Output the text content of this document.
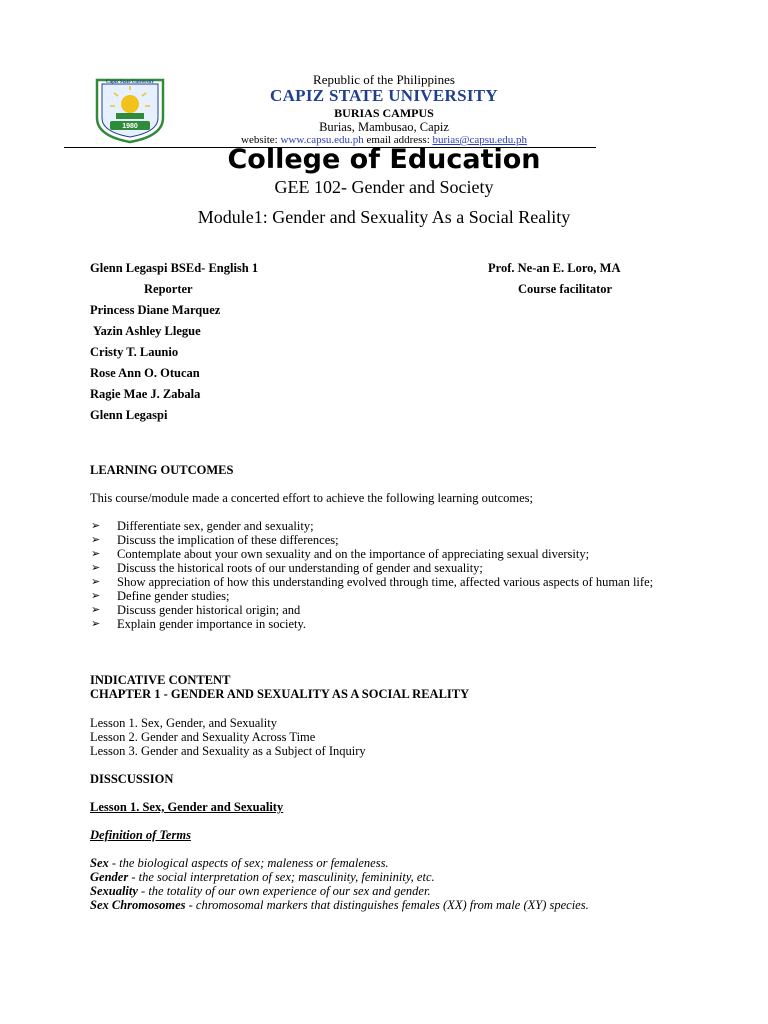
Capiz State University
1980
Republic of the Philippines
CAPIZ STATE UNIVERSITY
BURIAS CAMPUS
Burias, Mambusao, Capiz
website: www.capsu.edu.ph email address: burias@capsu.edu.ph
College of Education
GEE 102- Gender and Society
Module1: Gender and Sexuality As a Social Reality
Glenn Legaspi BSEd- English 1
Reporter
Prof. Ne-an E. Loro, MA
Course facilitator
Princess Diane Marquez
Yazin Ashley Llegue
Cristy T. Launio
Rose Ann O. Otucan
Ragie Mae J. Zabala
Glenn Legaspi
LEARNING OUTCOMES
This course/module made a concerted effort to achieve the following learning outcomes;
➢ Differentiate sex, gender and sexuality;
➢ Discuss the implication of these differences;
➢ Contemplate about your own sexuality and on the importance of appreciating sexual diversity;
➢ Discuss the historical roots of our understanding of gender and sexuality;
➢ Show appreciation of how this understanding evolved through time, affected various aspects of human life;
➢ Define gender studies;
➢ Discuss gender historical origin; and
➢ Explain gender importance in society.
INDICATIVE CONTENT
CHAPTER 1 - GENDER AND SEXUALITY AS A SOCIAL REALITY
Lesson 1. Sex, Gender, and Sexuality
Lesson 2. Gender and Sexuality Across Time
Lesson 3. Gender and Sexuality as a Subject of Inquiry
DISSCUSSION
Lesson 1. Sex, Gender and Sexuality
Definition of Terms
Sex - the biological aspects of sex; maleness or femaleness.
Gender - the social interpretation of sex; masculinity, femininity, etc.
Sexuality - the totality of our own experience of our sex and gender.
Sex Chromosomes - chromosomal markers that distinguishes females (XX) from male (XY) species.
